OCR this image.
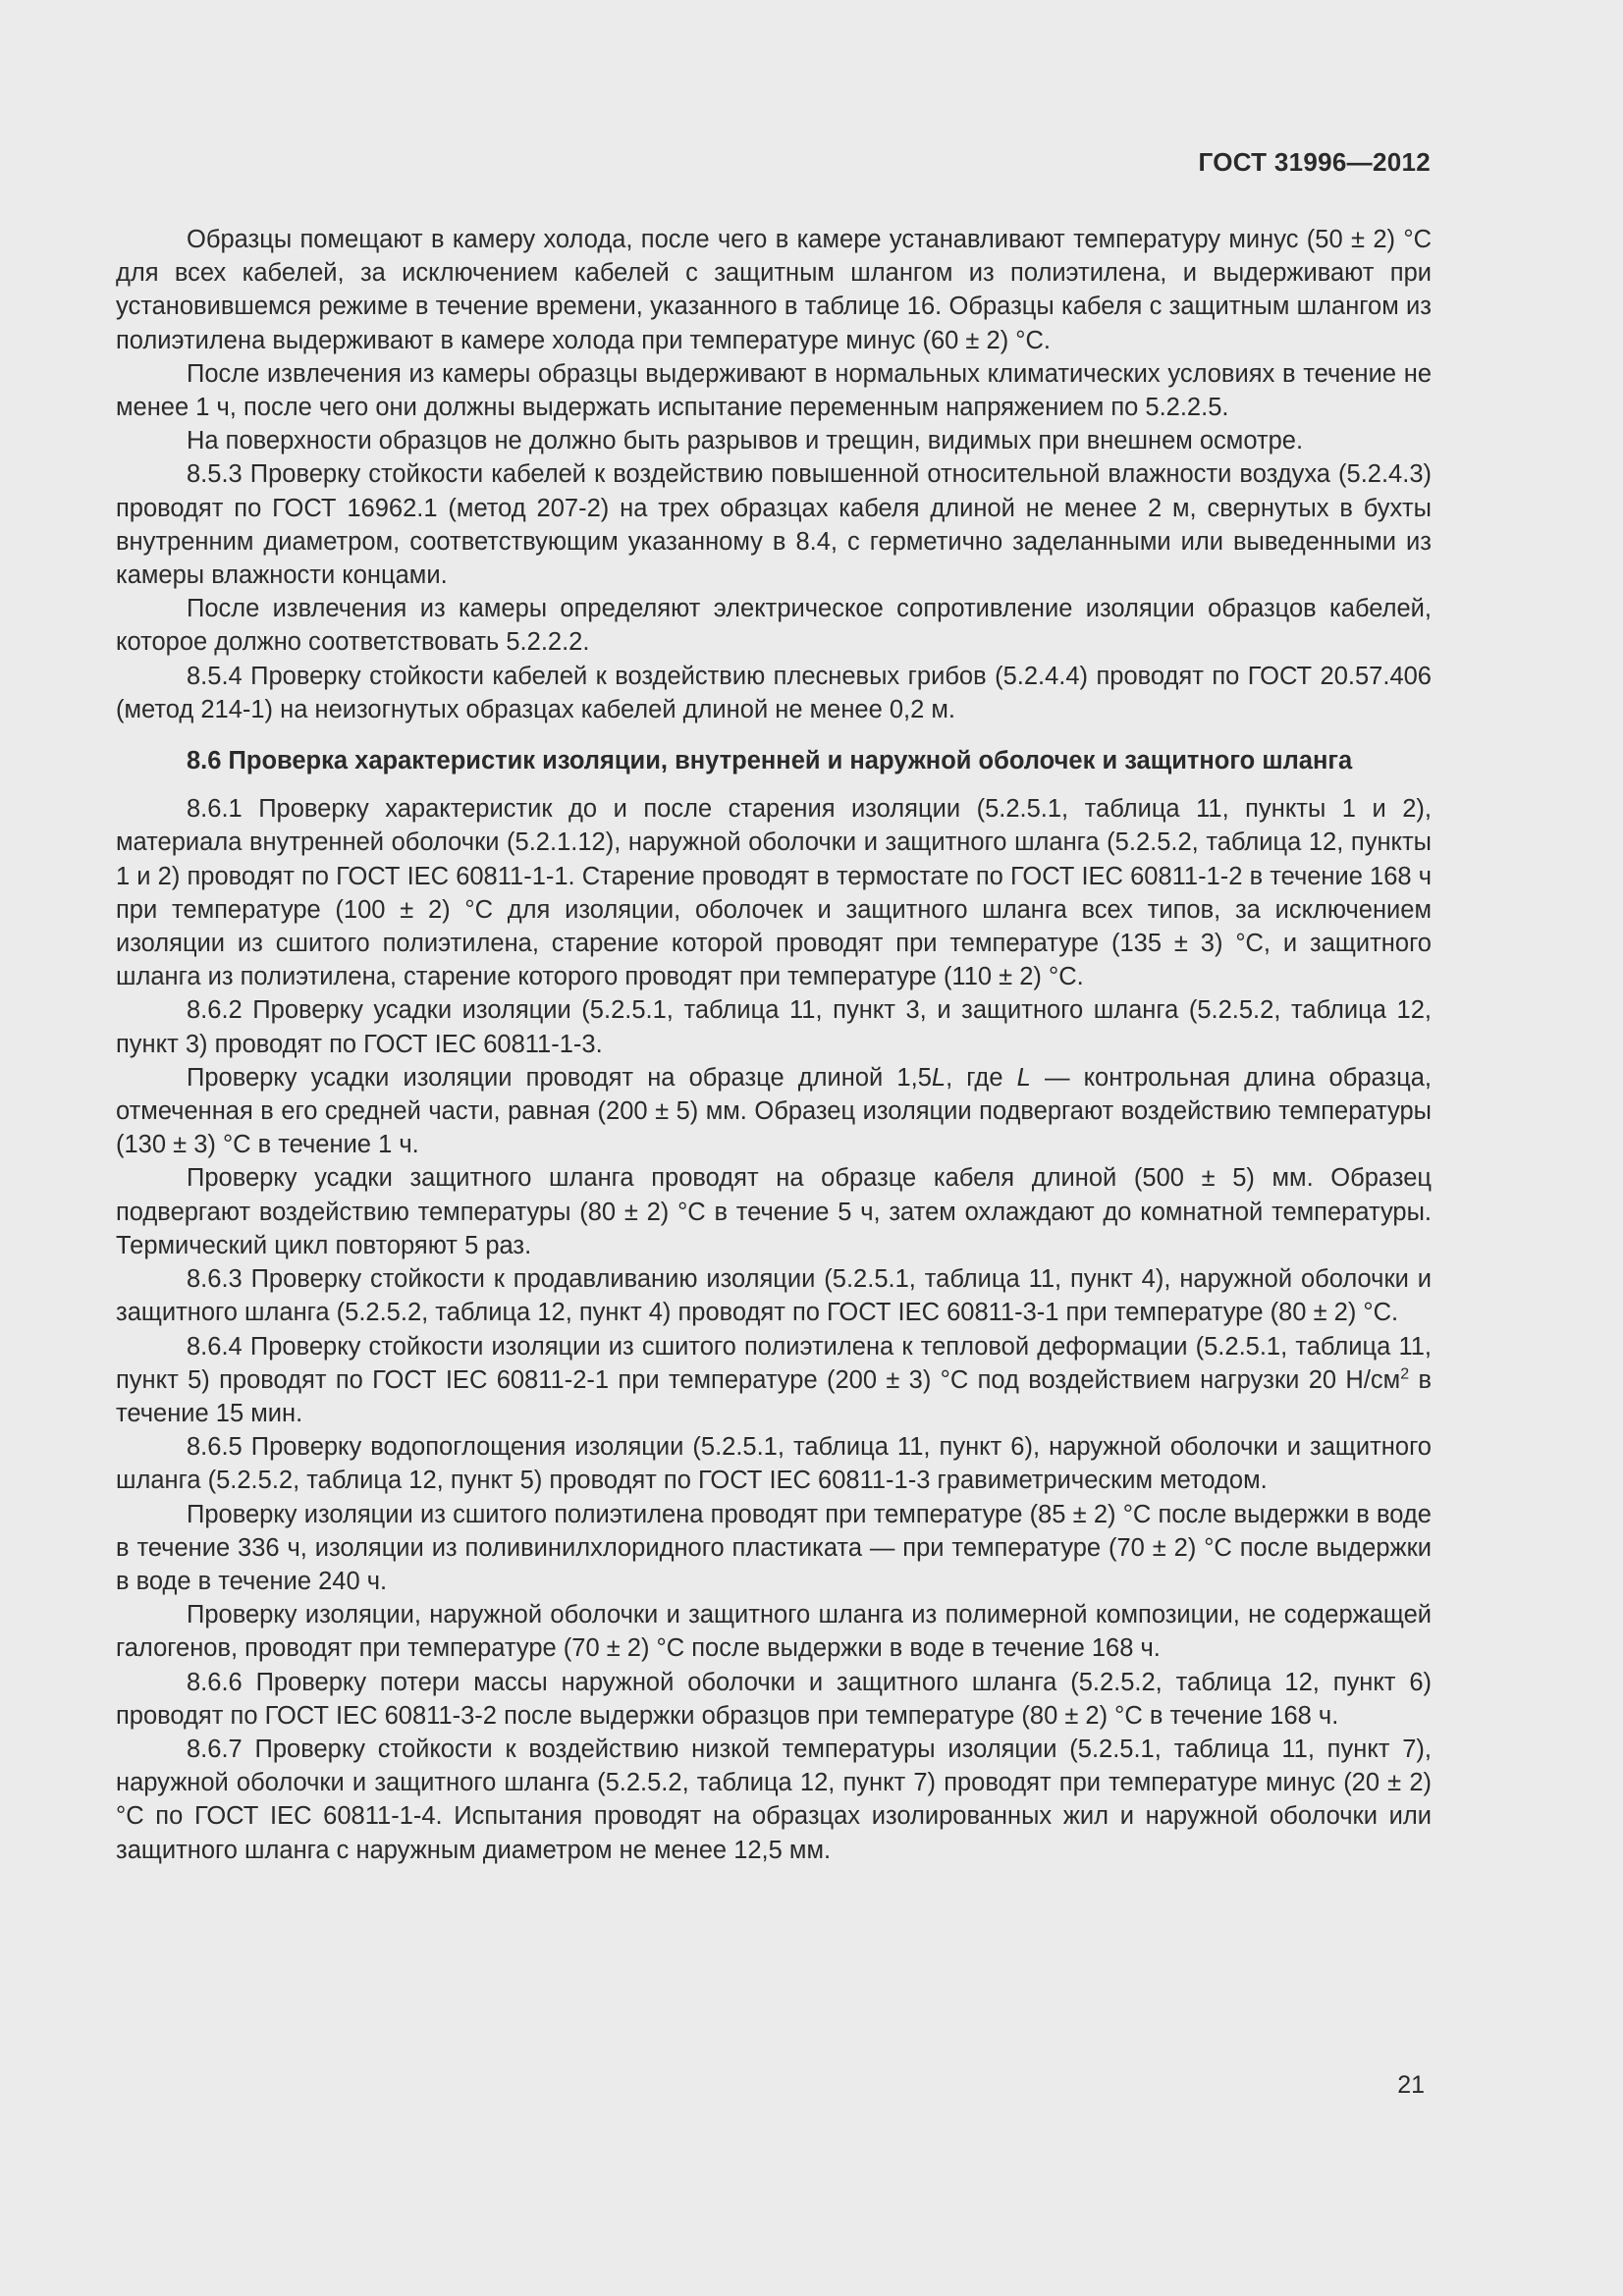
ГОСТ 31996—2012

Образцы помещают в камеру холода, после чего в камере устанавливают температуру минус (50 ± 2) °С для всех кабелей, за исключением кабелей с защитным шлангом из полиэтилена, и выдерживают при установившемся режиме в течение времени, указанного в таблице 16. Образцы кабеля с защитным шлангом из полиэтилена выдерживают в камере холода при температуре минус (60 ± 2) °С.

После извлечения из камеры образцы выдерживают в нормальных климатических условиях в течение не менее 1 ч, после чего они должны выдержать испытание переменным напряжением по 5.2.2.5.

На поверхности образцов не должно быть разрывов и трещин, видимых при внешнем осмотре.

8.5.3 Проверку стойкости кабелей к воздействию повышенной относительной влажности воздуха (5.2.4.3) проводят по ГОСТ 16962.1 (метод 207-2) на трех образцах кабеля длиной не менее 2 м, свернутых в бухты внутренним диаметром, соответствующим указанному в 8.4, с герметично заделанными или выведенными из камеры влажности концами.

После извлечения из камеры определяют электрическое сопротивление изоляции образцов кабелей, которое должно соответствовать 5.2.2.2.

8.5.4 Проверку стойкости кабелей к воздействию плесневых грибов (5.2.4.4) проводят по ГОСТ 20.57.406 (метод 214-1) на неизогнутых образцах кабелей длиной не менее 0,2 м.

8.6 Проверка характеристик изоляции, внутренней и наружной оболочек и защитного шланга

8.6.1 Проверку характеристик до и после старения изоляции (5.2.5.1, таблица 11, пункты 1 и 2), материала внутренней оболочки (5.2.1.12), наружной оболочки и защитного шланга (5.2.5.2, таблица 12, пункты 1 и 2) проводят по ГОСТ IEC 60811-1-1. Старение проводят в термостате по ГОСТ IEC 60811-1-2 в течение 168 ч при температуре (100 ± 2) °С для изоляции, оболочек и защитного шланга всех типов, за исключением изоляции из сшитого полиэтилена, старение которой проводят при температуре (135 ± 3) °С, и защитного шланга из полиэтилена, старение которого проводят при температуре (110 ± 2) °С.

8.6.2 Проверку усадки изоляции (5.2.5.1, таблица 11, пункт 3, и защитного шланга (5.2.5.2, таблица 12, пункт 3) проводят по ГОСТ IEC 60811-1-3.

Проверку усадки изоляции проводят на образце длиной 1,5L, где L — контрольная длина образца, отмеченная в его средней части, равная (200 ± 5) мм. Образец изоляции подвергают воздействию температуры (130 ± 3) °С в течение 1 ч.

Проверку усадки защитного шланга проводят на образце кабеля длиной (500 ± 5) мм. Образец подвергают воздействию температуры (80 ± 2) °С в течение 5 ч, затем охлаждают до комнатной температуры. Термический цикл повторяют 5 раз.

8.6.3 Проверку стойкости к продавливанию изоляции (5.2.5.1, таблица 11, пункт 4), наружной оболочки и защитного шланга (5.2.5.2, таблица 12, пункт 4) проводят по ГОСТ IEC 60811-3-1 при температуре (80 ± 2) °С.

8.6.4 Проверку стойкости изоляции из сшитого полиэтилена к тепловой деформации (5.2.5.1, таблица 11, пункт 5) проводят по ГОСТ IEC 60811-2-1 при температуре (200 ± 3) °С под воздействием нагрузки 20 $Н/см^2$ в течение 15 мин.

8.6.5 Проверку водопоглощения изоляции (5.2.5.1, таблица 11, пункт 6), наружной оболочки и защитного шланга (5.2.5.2, таблица 12, пункт 5) проводят по ГОСТ IEC 60811-1-3 гравиметрическим методом.

Проверку изоляции из сшитого полиэтилена проводят при температуре (85 ± 2) °С после выдержки в воде в течение 336 ч, изоляции из поливинилхлоридного пластиката — при температуре (70 ± 2) °С после выдержки в воде в течение 240 ч.

Проверку изоляции, наружной оболочки и защитного шланга из полимерной композиции, не содержащей галогенов, проводят при температуре (70 ± 2) °С после выдержки в воде в течение 168 ч.

8.6.6 Проверку потери массы наружной оболочки и защитного шланга (5.2.5.2, таблица 12, пункт 6) проводят по ГОСТ IEC 60811-3-2 после выдержки образцов при температуре (80 ± 2) °С в течение 168 ч.

8.6.7 Проверку стойкости к воздействию низкой температуры изоляции (5.2.5.1, таблица 11, пункт 7), наружной оболочки и защитного шланга (5.2.5.2, таблица 12, пункт 7) проводят при температуре минус (20 ± 2) °С по ГОСТ IEC 60811-1-4. Испытания проводят на образцах изолированных жил и наружной оболочки или защитного шланга с наружным диаметром не менее 12,5 мм.

21
